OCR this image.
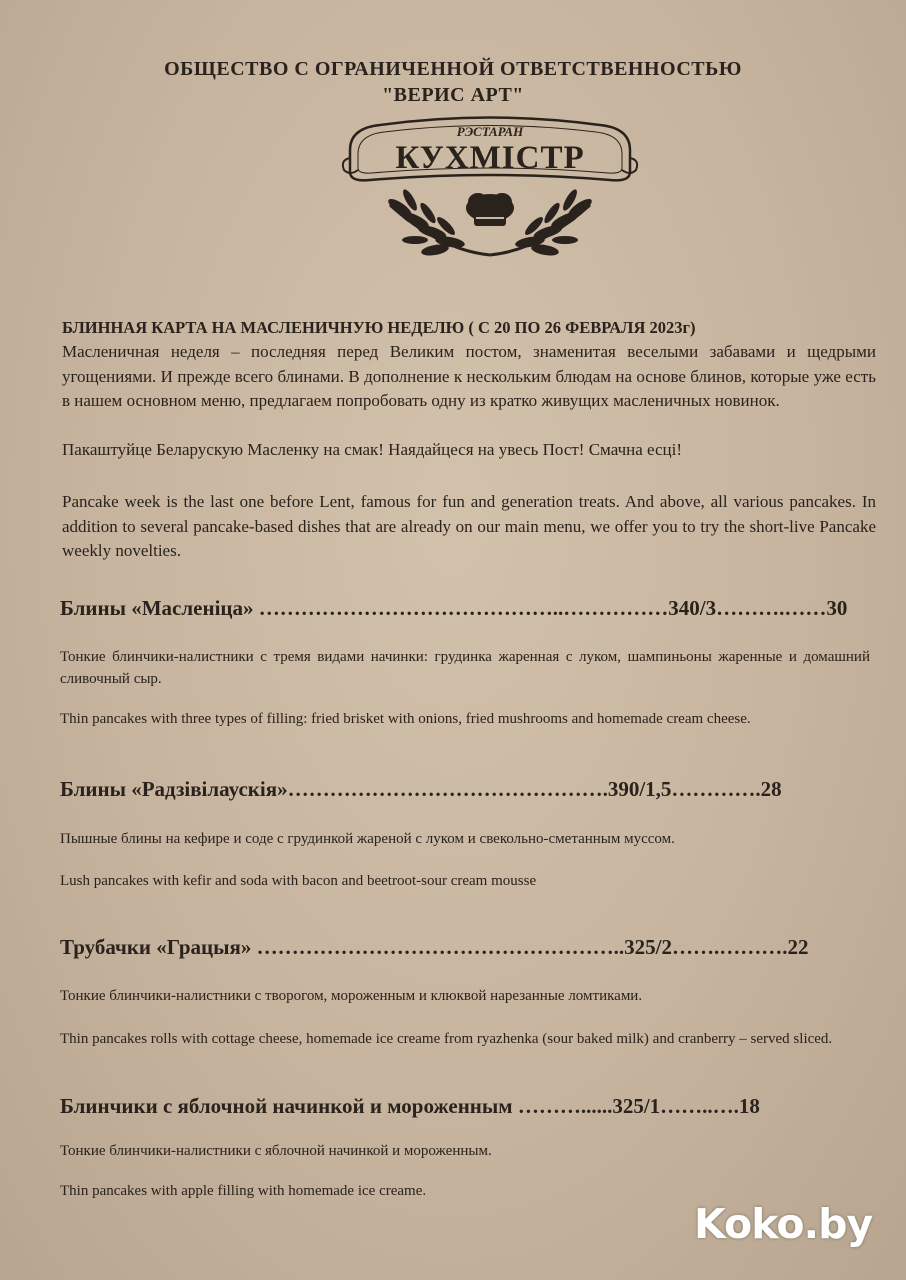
ОБЩЕСТВО С ОГРАНИЧЕННОЙ ОТВЕТСТВЕННОСТЬЮ
"ВЕРИС АРТ"
РЭСТАРАН
КУХМІСТР
БЛИННАЯ КАРТА НА МАСЛЕНИЧНУЮ НЕДЕЛЮ ( С 20 ПО 26 ФЕВРАЛЯ 2023г)
Масленичная неделя – последняя перед Великим постом, знаменитая веселыми забавами и щедрыми угощениями. И прежде всего блинами. В дополнение к нескольким блюдам на основе блинов, которые уже есть в нашем основном меню, предлагаем попробовать одну из кратко живущих масленичных новинок.
Пакаштуйце Беларускую Масленку на смак! Наядайцеся на увесь Пост! Смачна есці!
Pancake week is the last one before Lent, famous for fun and generation treats. And above, all various pancakes. In addition to several pancake-based dishes that are already on our main menu, we offer you to try the short-live Pancake weekly novelties.
Блины «Масленіца» ……………………………………..……………340/3……….……30
Тонкие блинчики-налистники с тремя видами начинки: грудинка жаренная с луком, шампиньоны жаренные и домашний сливочный сыр.
Thin pancakes with three types of filling: fried brisket with onions, fried mushrooms and homemade cream cheese.
Блины «Радзівілаускія»……………………………………….390/1,5………….28
Пышные блины на кефире и соде с грудинкой жареной с луком и свекольно-сметанным муссом.
Lush pancakes with kefir and soda with bacon and beetroot-sour cream mousse
Трубачки «Грацыя» ……………………………………………..325/2…….……….22
Тонкие блинчики-налистники с творогом, мороженным и клюквой нарезанные ломтиками.
Thin pancakes rolls with cottage cheese, homemade ice creame from ryazhenka (sour baked milk) and cranberry – served sliced.
Блинчики с яблочной начинкой и мороженным ………......325/1……..….18
Тонкие блинчики-налистники с яблочной начинкой и мороженным.
Thin pancakes with apple filling with homemade ice creame.
Koko.by
